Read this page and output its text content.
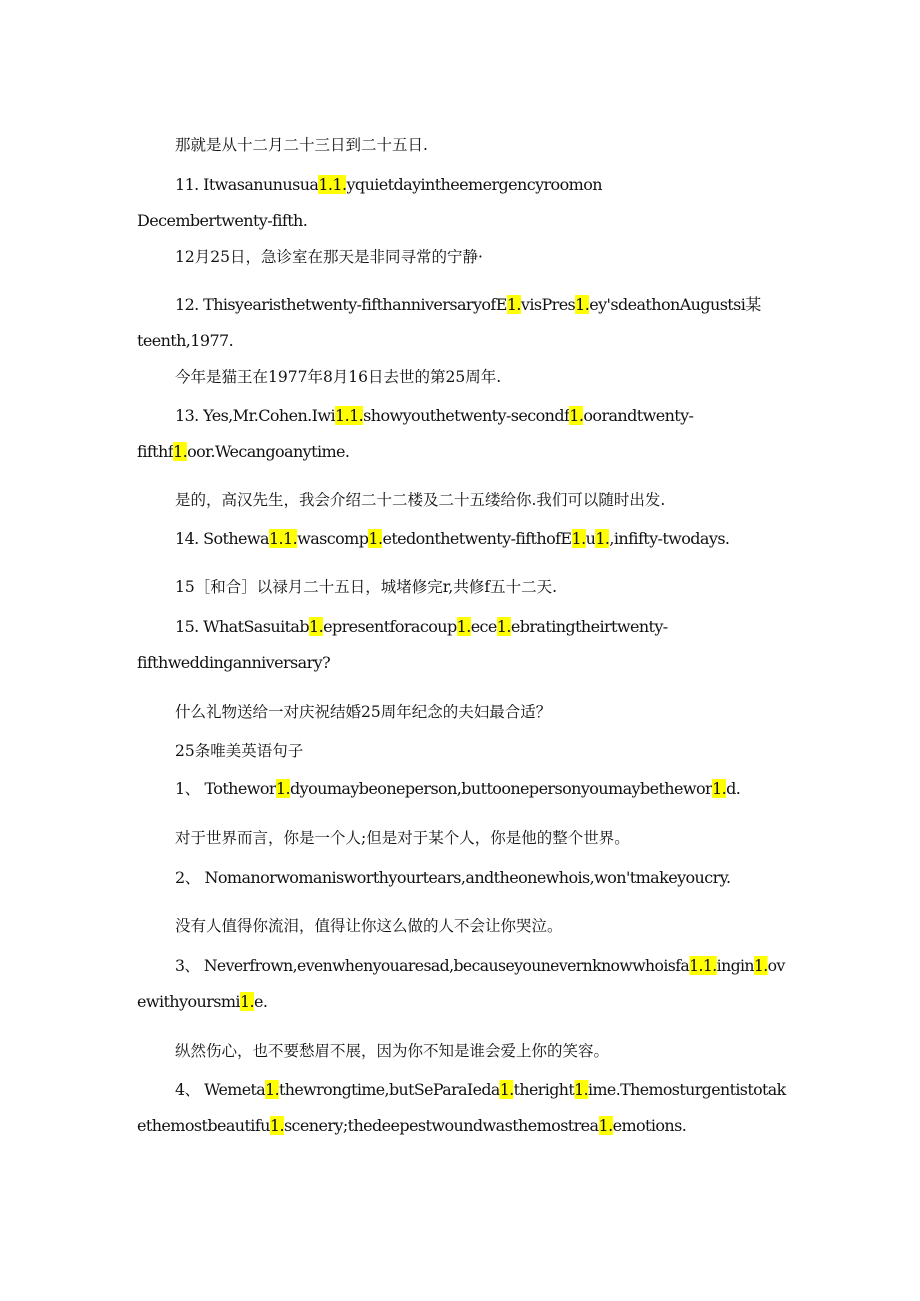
那就是从十二月二十三日到二十五日.
11. Itwasanunusua1.1.yquietdayintheemergencyroomon
Decembertwenty-fifth.
12月25日，急诊室在那天是非同寻常的宁静·
12. Thisyearisthetwenty-fifthanniversaryofE1.visPres1.ey'sdeathonAugustsi某
teenth,1977.
今年是猫王在1977年8月16日去世的第25周年.
13. Yes,Mr.Cohen.Iwi1.1.showyouthetwenty-secondf1.oorandtwenty-
fifthf1.oor.Wecangoanytime.
是的，高汉先生，我会介绍二十二楼及二十五缕给你.我们可以随时出发.
14. Sothewa1.1.wascomp1.etedonthetwenty-fifthofE1.u1.,infifty-twodays.
15［和合］以禄月二十五日，城堵修完r,共修f五十二天.
15. WhatSasuitab1.epresentforacoup1.ece1.ebratingtheirtwenty-
fifthweddinganniversary?
什么礼物送给一对庆祝结婚25周年纪念的夫妇最合适？
25条唯美英语句子
1、 Tothewor1.dyoumaybeoneperson,buttoonepersonyoumaybethewor1.d.
对于世界而言，你是一个人;但是对于某个人，你是他的整个世界。
2、 Nomanorwomanisworthyourtears,andtheonewhois,won'tmakeyoucry.
没有人值得你流泪，值得让你这么做的人不会让你哭泣。
3、 Neverfrown,evenwhenyouaresad,becauseyounevernknowwhoisfa1.1.ingin1.ov
ewithyoursmi1.e.
纵然伤心，也不要愁眉不展，因为你不知是谁会爱上你的笑容。
4、 Wemeta1.thewrongtime,butSeParaIeda1.theright1.ime.Themosturgentistotak
ethemostbeautifu1.scenery;thedeepestwoundwasthemostrea1.emotions.
